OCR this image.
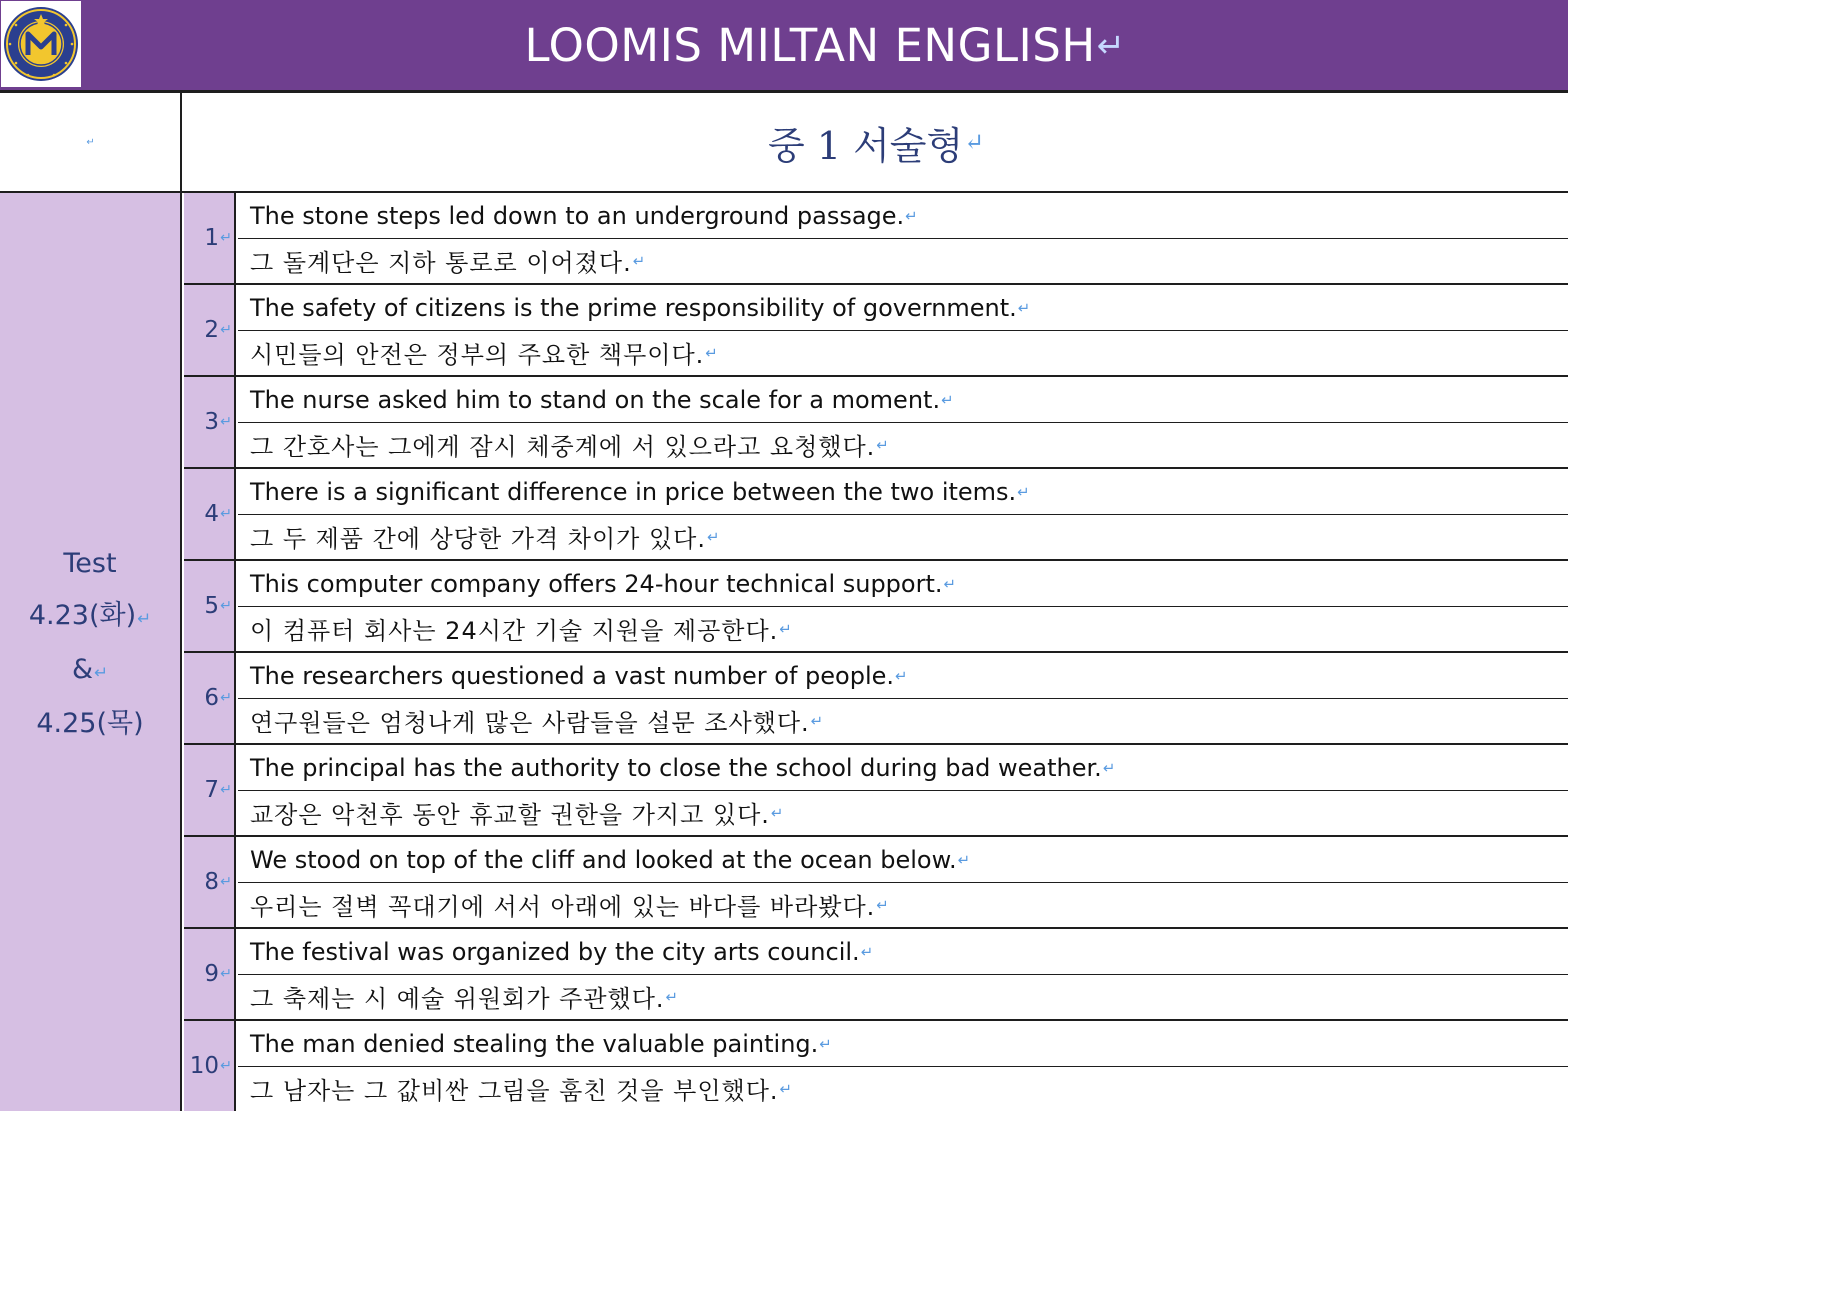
LOOMIS MILTAN ENGLISH ↵
↵	중 1 서술형 ↵
Test
4.23(화)↵
&↵
4.25(목)
1 ↵
The stone steps led down to an underground passage. ↵
그 돌계단은 지하 통로로 이어졌다. ↵
2 ↵
The safety of citizens is the prime responsibility of government. ↵
시민들의 안전은 정부의 주요한 책무이다. ↵
3 ↵
The nurse asked him to stand on the scale for a moment. ↵
그 간호사는 그에게 잠시 체중계에 서 있으라고 요청했다. ↵
4 ↵
There is a significant difference in price between the two items. ↵
그 두 제품 간에 상당한 가격 차이가 있다. ↵
5 ↵
This computer company offers 24-hour technical support. ↵
이 컴퓨터 회사는 24시간 기술 지원을 제공한다. ↵
6 ↵
The researchers questioned a vast number of people. ↵
연구원들은 엄청나게 많은 사람들을 설문 조사했다. ↵
7 ↵
The principal has the authority to close the school during bad weather. ↵
교장은 악천후 동안 휴교할 권한을 가지고 있다. ↵
8 ↵
We stood on top of the cliff and looked at the ocean below. ↵
우리는 절벽 꼭대기에 서서 아래에 있는 바다를 바라봤다. ↵
9 ↵
The festival was organized by the city arts council. ↵
그 축제는 시 예술 위원회가 주관했다. ↵
10 ↵
The man denied stealing the valuable painting. ↵
그 남자는 그 값비싼 그림을 훔친 것을 부인했다. ↵
